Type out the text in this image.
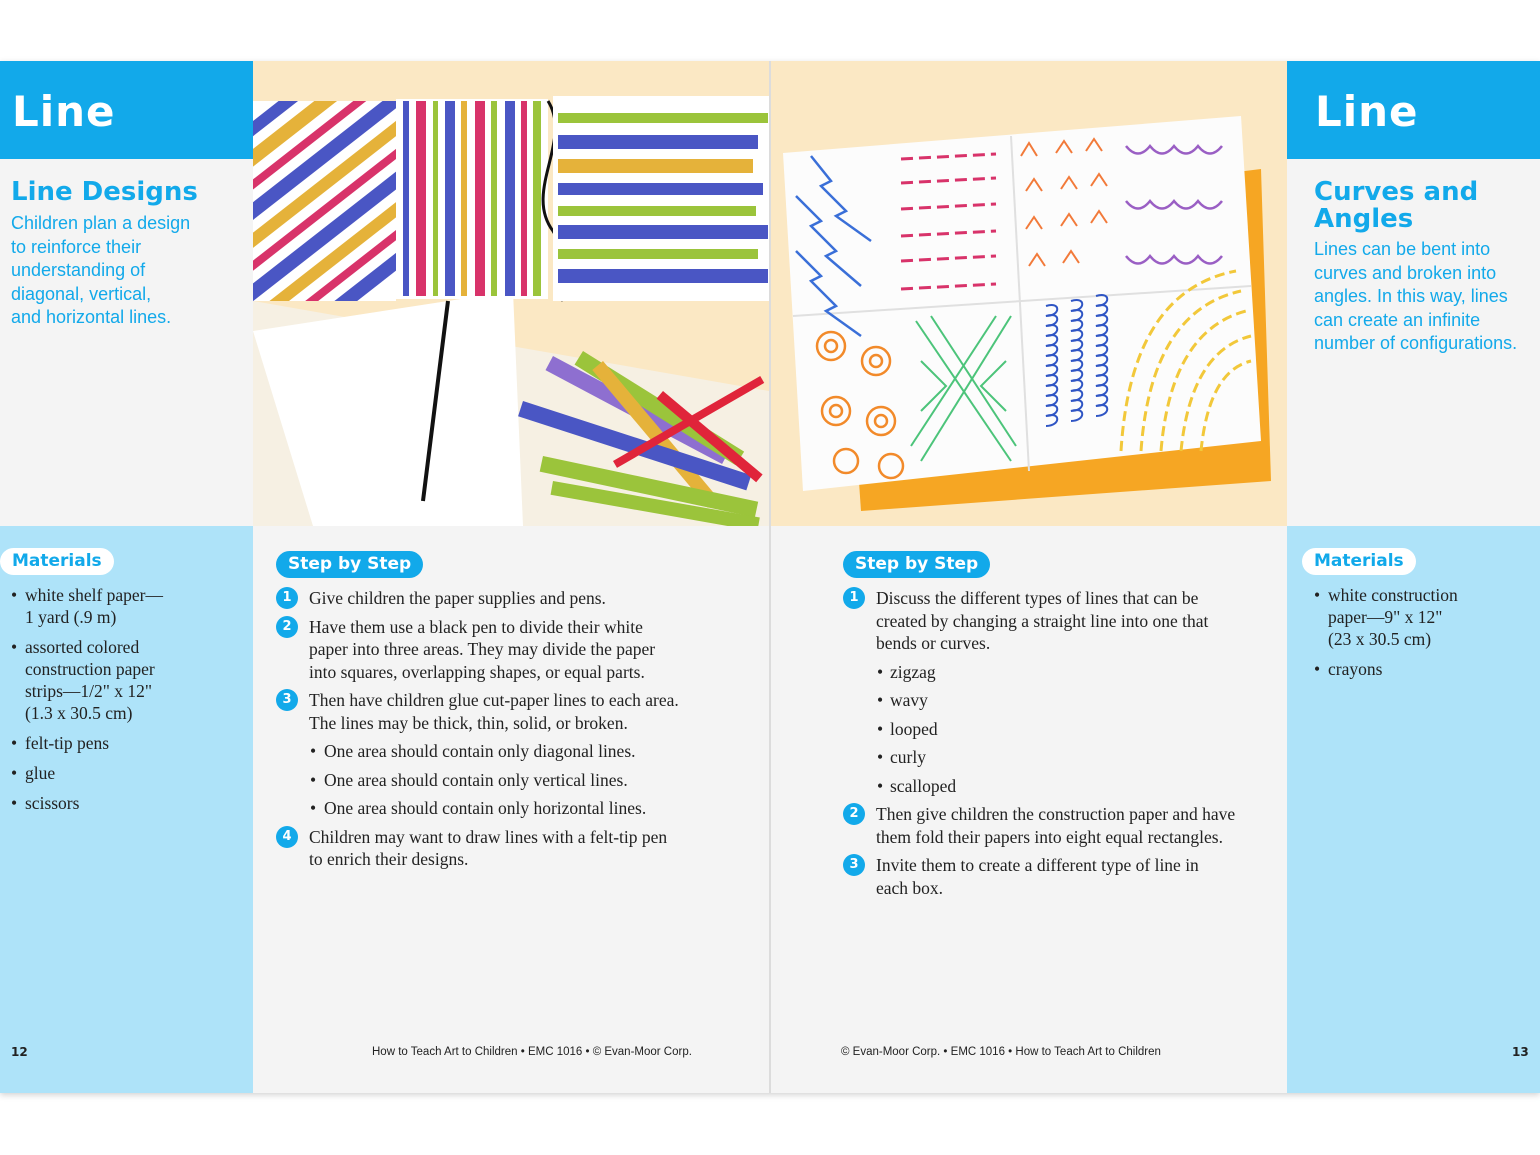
Line
Line Designs
Children plan a design
to reinforce their
understanding of
diagonal, vertical,
and horizontal lines.
Materials
• white shelf paper—
1 yard (.9 m)
• assorted colored
construction paper
strips—1/2" x 12"
(1.3 x 30.5 cm)
• felt-tip pens
• glue
• scissors
Step by Step
1 Give children the paper supplies and pens.
2 Have them use a black pen to divide their white
paper into three areas. They may divide the paper
into squares, overlapping shapes, or equal parts.
3 Then have children glue cut-paper lines to each area.
The lines may be thick, thin, solid, or broken.
• One area should contain only diagonal lines.
• One area should contain only vertical lines.
• One area should contain only horizontal lines.
4 Children may want to draw lines with a felt-tip pen
to enrich their designs.
12	How to Teach Art to Children • EMC 1016 • © Evan-Moor Corp.
Line
Curves and
Angles
Lines can be bent into
curves and broken into
angles. In this way, lines
can create an infinite
number of configurations.
Step by Step
1 Discuss the different types of lines that can be
created by changing a straight line into one that
bends or curves.
• zigzag
• wavy
• looped
• curly
• scalloped
2 Then give children the construction paper and have
them fold their papers into eight equal rectangles.
3 Invite them to create a different type of line in
each box.
Materials
• white construction
paper—9" x 12"
(23 x 30.5 cm)
• crayons
© Evan-Moor Corp. • EMC 1016 • How to Teach Art to Children	13
